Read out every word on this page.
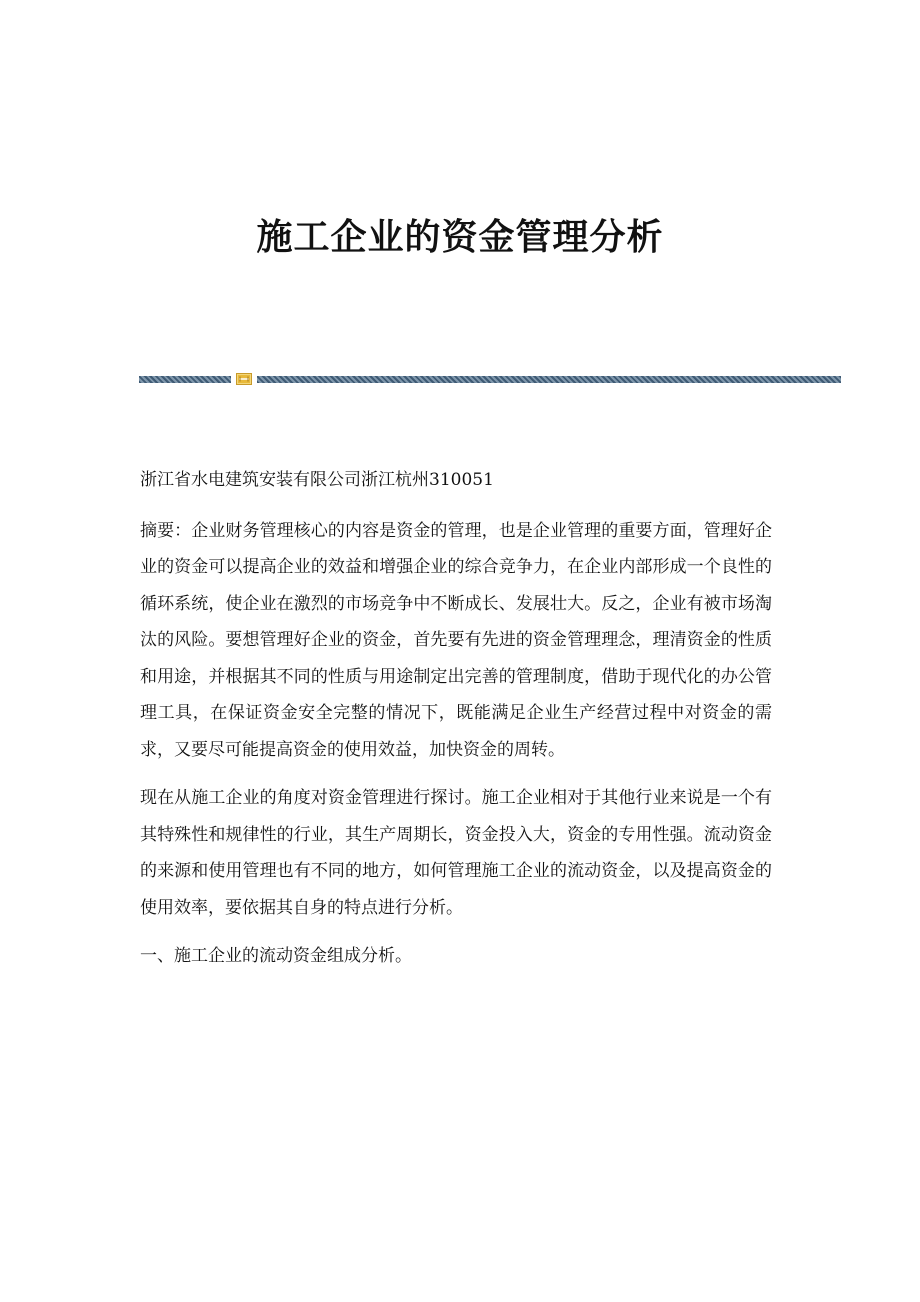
施工企业的资金管理分析

浙江省水电建筑安装有限公司浙江杭州310051

摘要：企业财务管理核心的内容是资金的管理，也是企业管理的重要方面，管理好企业的资金可以提高企业的效益和增强企业的综合竞争力，在企业内部形成一个良性的循环系统，使企业在激烈的市场竞争中不断成长、发展壮大。反之，企业有被市场淘汰的风险。要想管理好企业的资金，首先要有先进的资金管理理念，理清资金的性质和用途，并根据其不同的性质与用途制定出完善的管理制度，借助于现代化的办公管理工具，在保证资金安全完整的情况下，既能满足企业生产经营过程中对资金的需求，又要尽可能提高资金的使用效益，加快资金的周转。

现在从施工企业的角度对资金管理进行探讨。施工企业相对于其他行业来说是一个有其特殊性和规律性的行业，其生产周期长，资金投入大，资金的专用性强。流动资金的来源和使用管理也有不同的地方，如何管理施工企业的流动资金，以及提高资金的使用效率，要依据其自身的特点进行分析。

一、施工企业的流动资金组成分析。
